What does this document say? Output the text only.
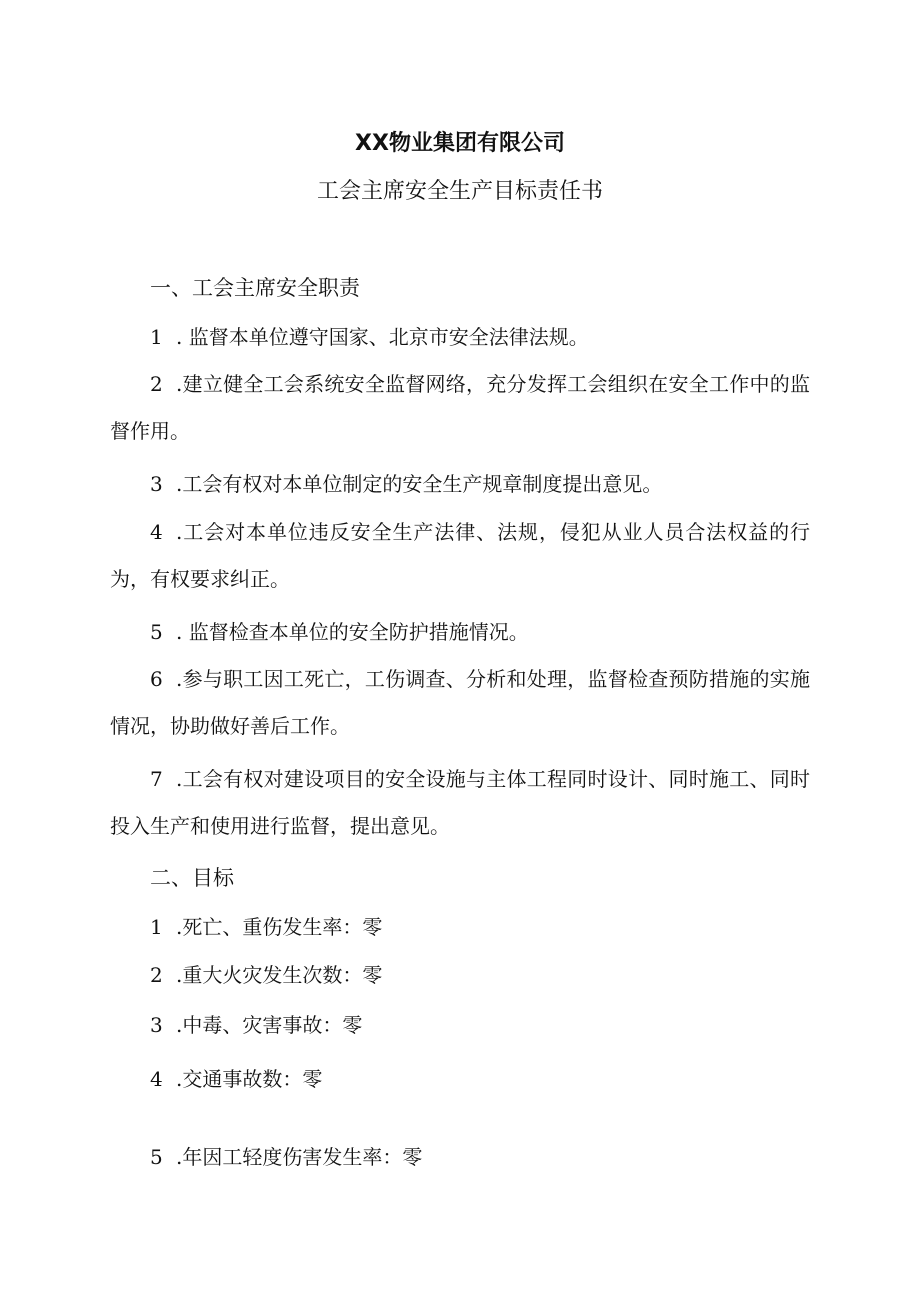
XX物业集团有限公司
工会主席安全生产目标责任书
一、工会主席安全职责
1 . 监督本单位遵守国家、北京市安全法律法规。
2 .建立健全工会系统安全监督网络，充分发挥工会组织在安全工作中的监督作用。
3 .工会有权对本单位制定的安全生产规章制度提出意见。
4 .工会对本单位违反安全生产法律、法规，侵犯从业人员合法权益的行为，有权要求纠正。
5 . 监督检查本单位的安全防护措施情况。
6 .参与职工因工死亡，工伤调查、分析和处理，监督检查预防措施的实施情况，协助做好善后工作。
7 .工会有权对建设项目的安全设施与主体工程同时设计、同时施工、同时投入生产和使用进行监督，提出意见。
二、目标
1 .死亡、重伤发生率：零
2 .重大火灾发生次数：零
3 .中毒、灾害事故：零
4 .交通事故数：零
5 .年因工轻度伤害发生率：零
